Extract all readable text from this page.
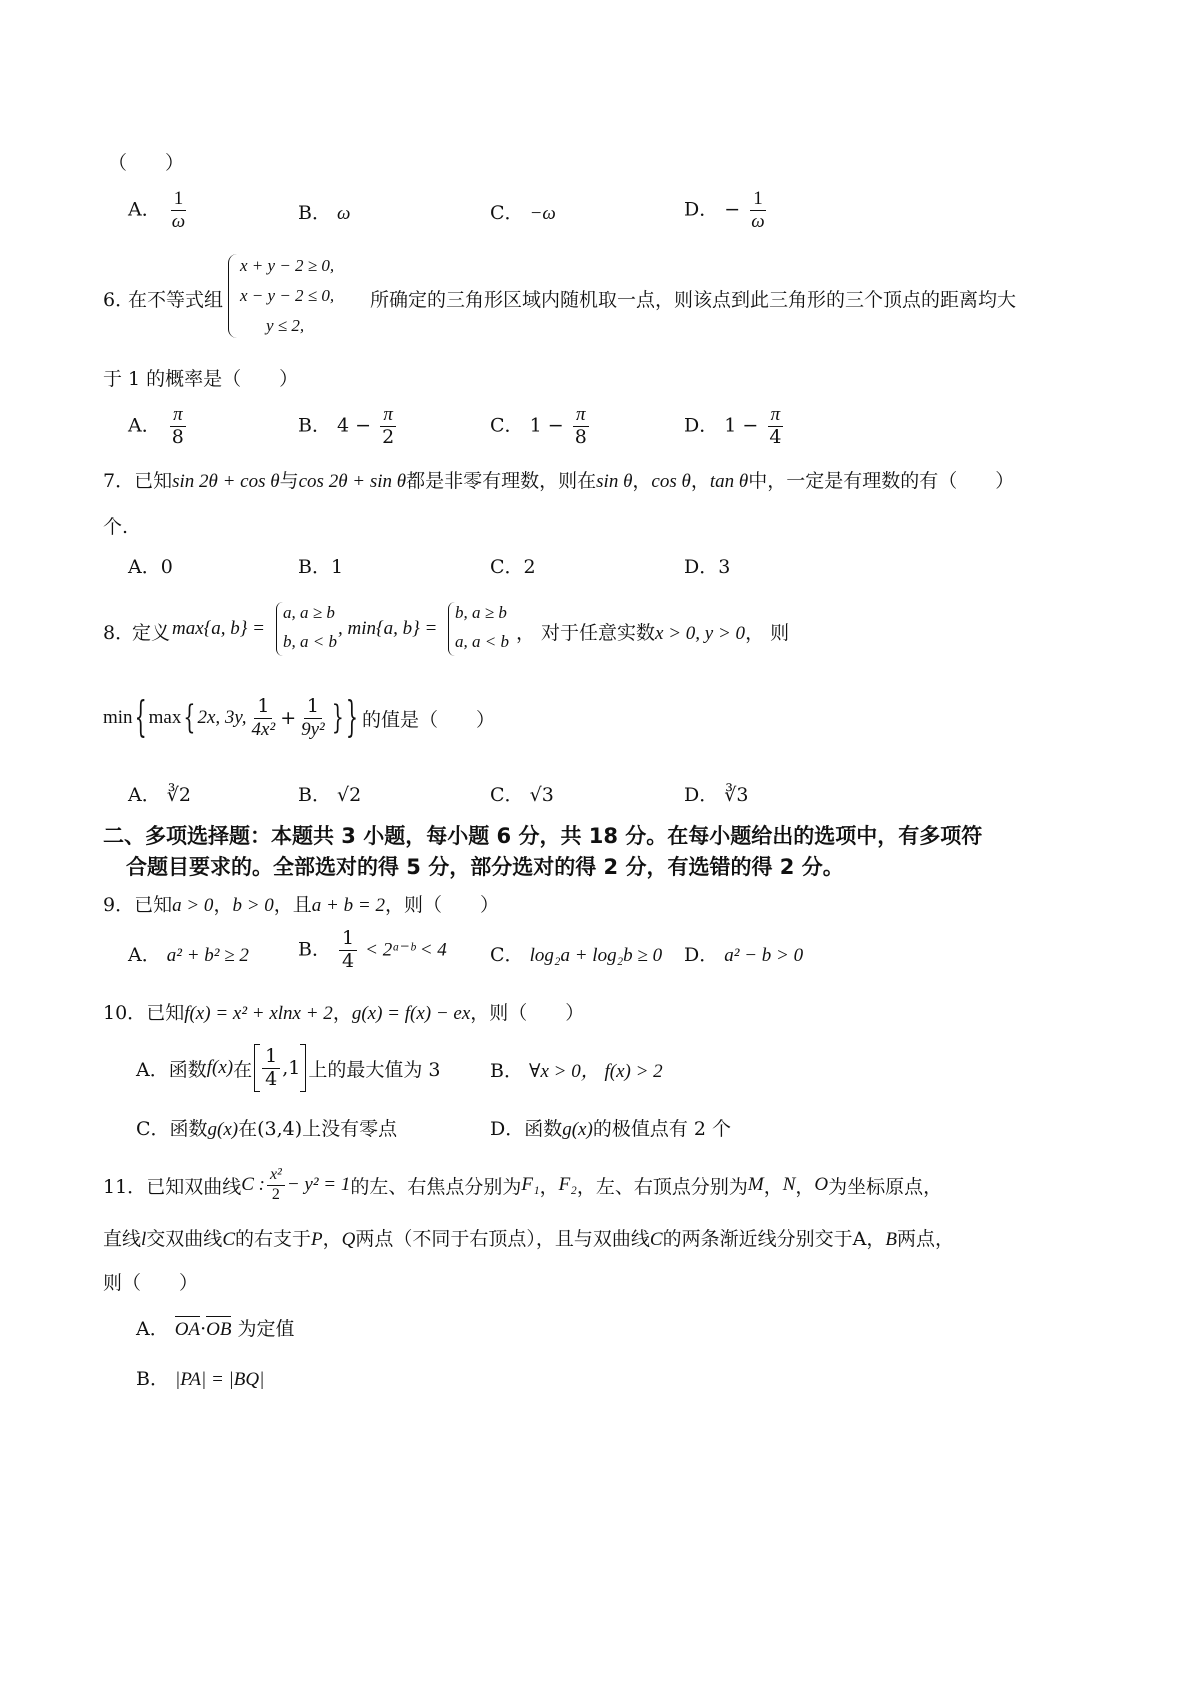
（　　）
A． $\frac{1}{\omega}$	B． ω	C． −ω	D． − $\frac{1}{\omega}$
6．
在不等式组
x + y − 2 ≥ 0,
x − y − 2 ≤ 0,
y ≤ 2,
所确定的三角形区域内随机取一点，则该点到此三角形的三个顶点的距离均大
于 1 的概率是（　　）
A． $\frac{\pi}{8}$	B． $4 - \frac{\pi}{2}$	C． $1 - \frac{\pi}{8}$	D． $1 - \frac{\pi}{4}$
7．已知sin 2θ + cos θ与cos 2θ + sin θ都是非零有理数，则在sin θ，cos θ，tan θ中，一定是有理数的有（　　）
个.
A．0	B．1	C．2	D．3
8．
定义 max{a, b} =
a, a ≥ b
b, a < b
, min{a, b} =
b, a ≥ b
a, a < b ， 对于任意实数x > 0, y > 0， 则
min { max { 2x, 3y, $\frac{1}{\text{4x²}} + \frac{1}{\text{9y²}}$ } } 的值是（　　）
A． ∛2	B． √2	C． √3	D． ∛3
二、多项选择题：本题共 3 小题，每小题 6 分，共 18 分。在每小题给出的选项中，有多项符
合题目要求的。全部选对的得 5 分，部分选对的得 2 分，有选错的得 2 分。
9．已知a > 0，b > 0，且a + b = 2，则（　　）
A． a² + b² ≥ 2	B． $\frac{1}{4}$ < 2ᵃ⁻ᵇ < 4 C． log₂a + log₂b ≥ 0 D． a² − b > 0
10．已知f(x) = x² + xlnx + 2，g(x) = f(x) − ex，则（　　）
A．函数 f(x) 在 $\frac{1}{4} ,1$ 上的最大值为 3	B． ∀x > 0， f(x) > 2
C．函数g(x)在(3,4)上没有零点	D．函数g(x)的极值点有 2 个
11． 已知双曲线 C : $\frac{\text{x²}}{2} - y^2 = 1$ 的左、右焦点分别为 F₁ ， F₂ ，左、右顶点分别为 M ， N ， O 为坐标原点，
直线l交双曲线C的右支于P，Q两点（不同于右顶点），且与双曲线C的两条渐近线分别交于A，B两点，
则（　　）
A． OA·OB 为定值
B． |PA| = |BQ|
